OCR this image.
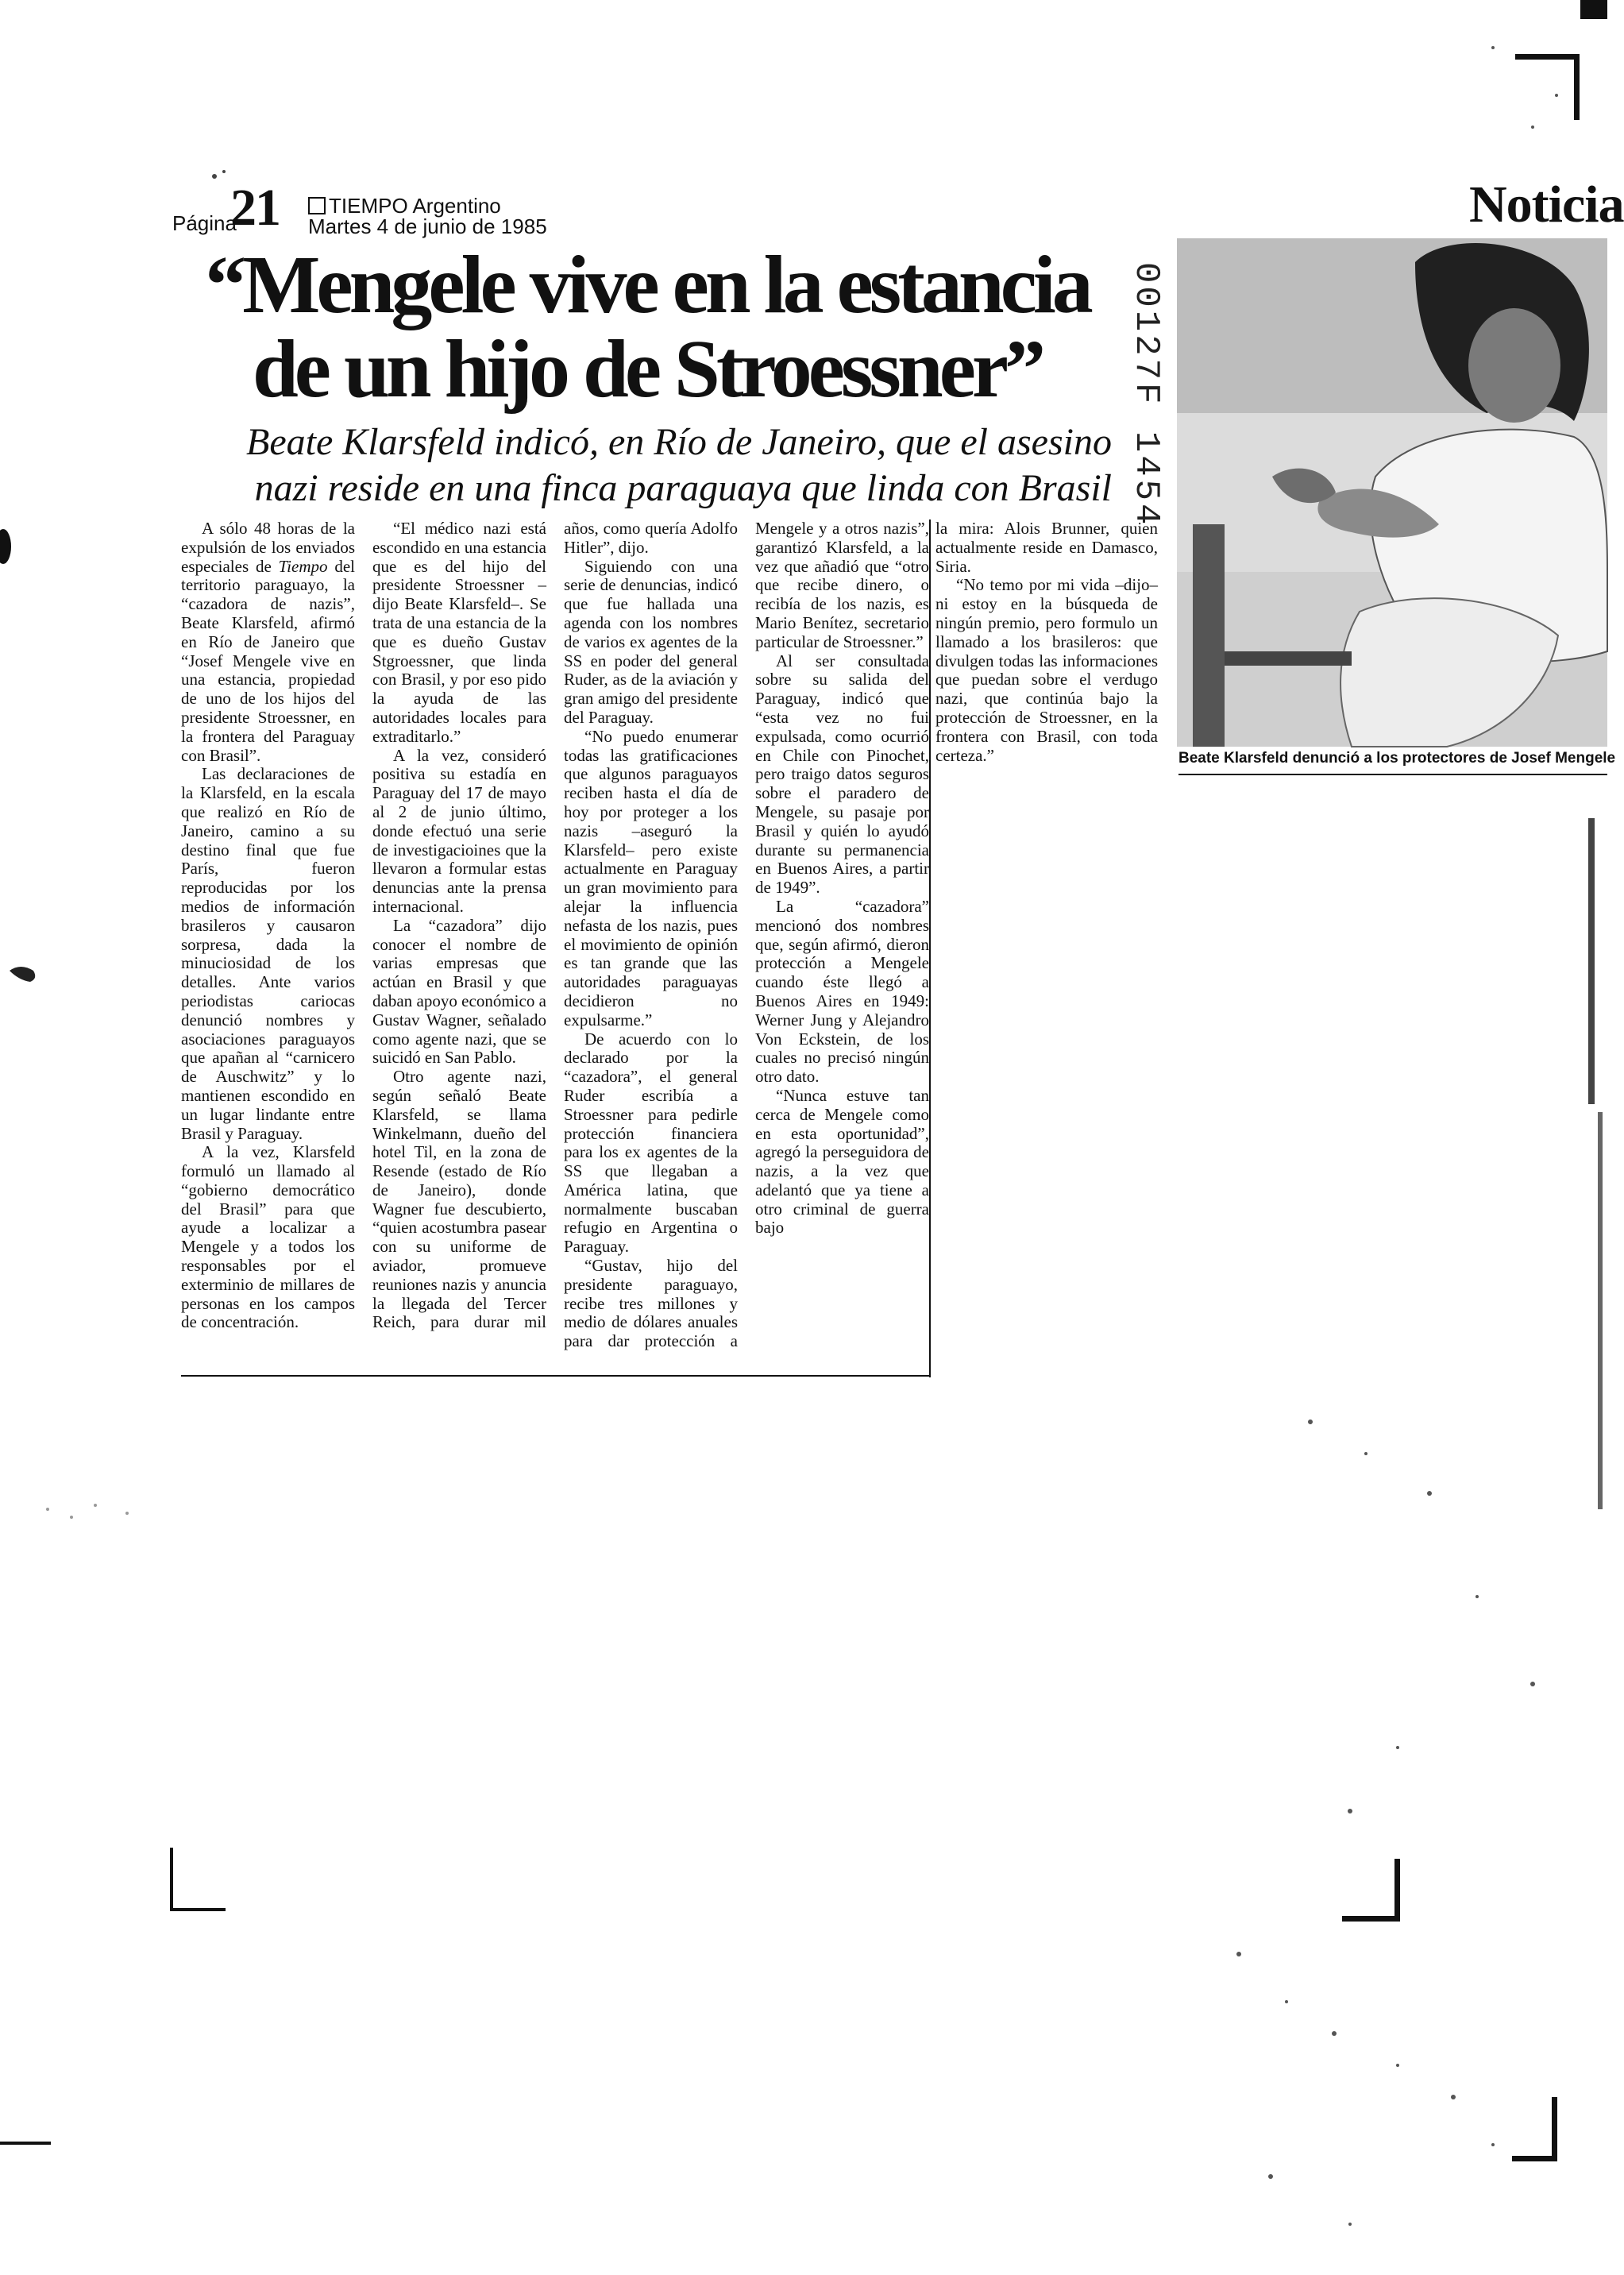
Página
21 TIEMPO Argentino
Martes 4 de junio de 1985	Noticia
“Mengele vive en la estancia
de un hijo de Stroessner”
Beate Klarsfeld indicó, en Río de Janeiro, que el asesino
nazi reside en una finca paraguaya que linda con Brasil 00127F 1454
Beate Klarsfeld denunció a los protectores de Josef Mengele

A sólo 48 horas de la expulsión de los enviados especiales de Tiempo del territorio paraguayo, la “cazadora de nazis”, Beate Klarsfeld, afirmó en Río de Janeiro que “Josef Mengele vive en una estancia, propiedad de uno de los hijos del presidente Stroessner, en la frontera del Paraguay con Brasil”.

Las declaraciones de la Klarsfeld, en la escala que realizó en Río de Janeiro, camino a su destino final que fue París, fueron reproducidas por los medios de información brasileros y causaron sorpresa, dada la minuciosidad de los detalles. Ante varios periodistas cariocas denunció nombres y asociaciones paraguayos que apañan al “carnicero de Auschwitz” y lo mantienen escondido en un lugar lindante entre Brasil y Paraguay.

A la vez, Klarsfeld formuló un llamado al “gobierno democrático del Brasil” para que ayude a localizar a Mengele y a todos los responsables por el exterminio de millares de personas en los campos de concentración.

“El médico nazi está escondido en una estancia que es del hijo del presidente Stroessner –dijo Beate Klarsfeld–. Se trata de una estancia de la que es dueño Gustav Stgroessner, que linda con Brasil, y por eso pido la ayuda de las autoridades locales para extraditarlo.”

A la vez, consideró positiva su estadía en Paraguay del 17 de mayo al 2 de junio último, donde efectuó una serie de investigacioines que la llevaron a formular estas denuncias ante la prensa internacional.

La “cazadora” dijo conocer el nombre de varias empresas que actúan en Brasil y que daban apoyo económico a Gustav Wagner, señalado como agente nazi, que se suicidó en San Pablo.

Otro agente nazi, según señaló Beate Klarsfeld, se llama Winkelmann, dueño del hotel Til, en la zona de Resende (estado de Río de Janeiro), donde Wagner fue descubierto, “quien acostumbra pasear con su uniforme de aviador, promueve reuniones nazis y anuncia la llegada del Tercer Reich, para durar mil años, como quería Adolfo Hitler”, dijo.

Siguiendo con una serie de denuncias, indicó que fue hallada una agenda con los nombres de varios ex agentes de la SS en poder del general Ruder, as de la aviación y gran amigo del presidente del Paraguay.

“No puedo enumerar todas las gratificaciones que algunos paraguayos reciben hasta el día de hoy por proteger a los nazis –aseguró la Klarsfeld– pero existe actualmente en Paraguay un gran movimiento para alejar la influencia nefasta de los nazis, pues el movimiento de opinión es tan grande que las autoridades paraguayas decidieron no expulsarme.”

De acuerdo con lo declarado por la “cazadora”, el general Ruder escribía a Stroessner para pedirle protección financiera para los ex agentes de la SS que llegaban a América latina, que normalmente buscaban refugio en Argentina o Paraguay.

“Gustav, hijo del presidente paraguayo, recibe tres millones y medio de dólares anuales para dar protección a Mengele y a otros nazis”, garantizó Klarsfeld, a la vez que añadió que “otro que recibe dinero, o recibía de los nazis, es Mario Benítez, secretario particular de Stroessner.”

Al ser consultada sobre su salida del Paraguay, indicó que “esta vez no fui expulsada, como ocurrió en Chile con Pinochet, pero traigo datos seguros sobre el paradero de Mengele, su pasaje por Brasil y quién lo ayudó durante su permanencia en Buenos Aires, a partir de 1949”.

La “cazadora” mencionó dos nombres que, según afirmó, dieron protección a Mengele cuando éste llegó a Buenos Aires en 1949: Werner Jung y Alejandro Von Eckstein, de los cuales no precisó ningún otro dato.

“Nunca estuve tan cerca de Mengele como en esta oportunidad”, agregó la perseguidora de nazis, a la vez que adelantó que ya tiene a otro criminal de guerra bajo

la mira: Alois Brunner, quien actualmente reside en Damasco, Siria.

“No temo por mi vida –dijo– ni estoy en la búsqueda de ningún premio, pero formulo un llamado a los brasileros: que divulgen todas las informaciones que puedan sobre el verdugo nazi, que continúa bajo la protección de Stroessner, en la frontera con Brasil, con toda certeza.”
